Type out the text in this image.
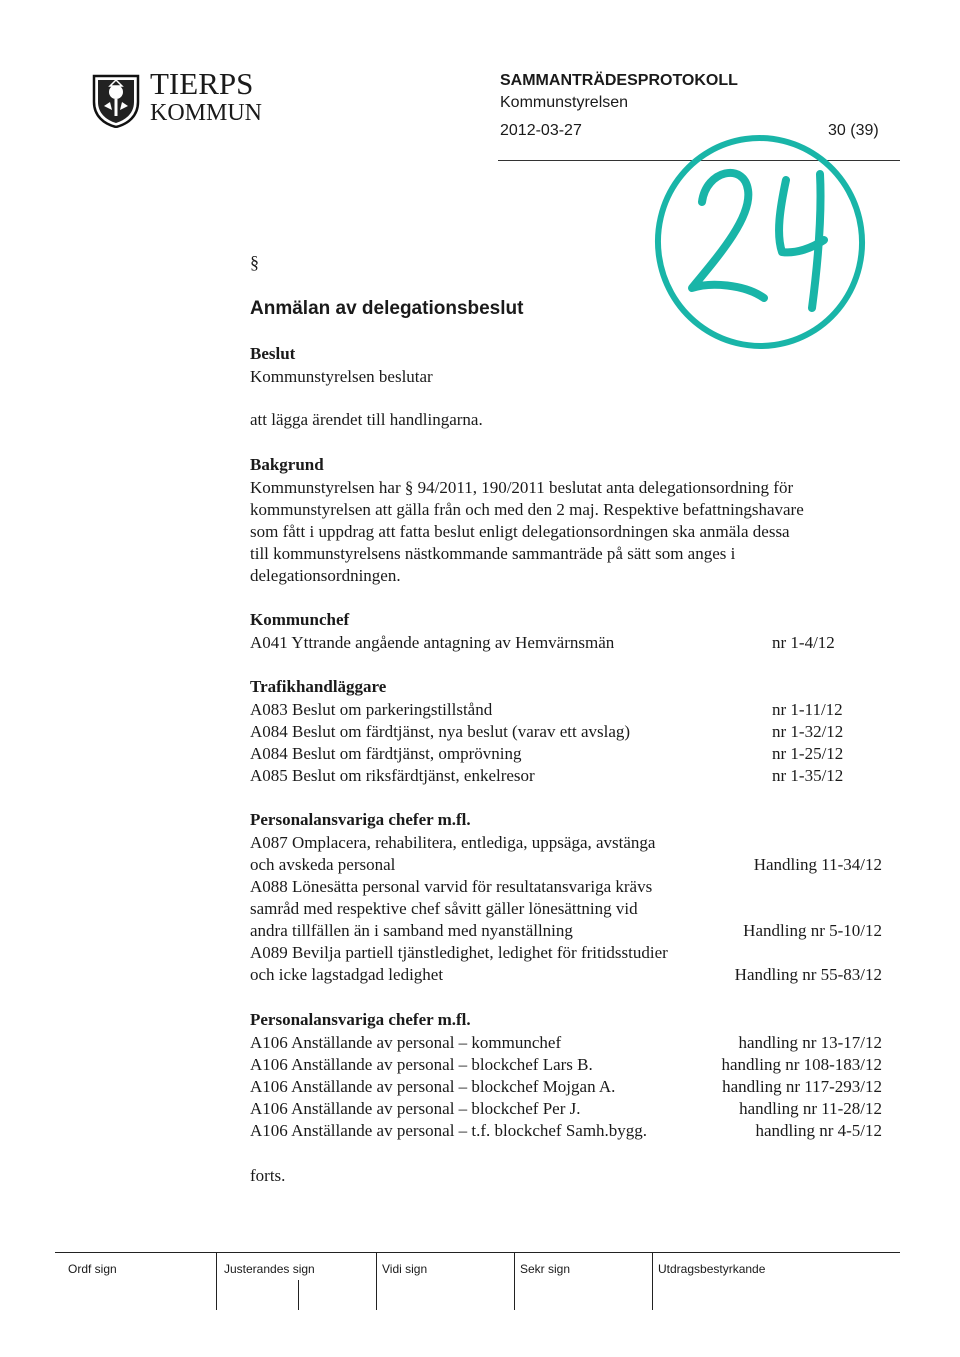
TIERPS
KOMMUN
SAMMANTRÄDESPROTOKOLL
Kommunstyrelsen
2012-03-27	30 (39)
§
Anmälan av delegationsbeslut
Beslut
Kommunstyrelsen beslutar
att lägga ärendet till handlingarna.
Bakgrund
Kommunstyrelsen har § 94/2011, 190/2011 beslutat anta delegationsordning för
kommunstyrelsen att gälla från och med den 2 maj. Respektive befattningshavare
som fått i uppdrag att fatta beslut enligt delegationsordningen ska anmäla dessa
till kommunstyrelsens nästkommande sammanträde på sätt som anges i
delegationsordningen.
Kommunchef
A041 Yttrande angående antagning av Hemvärnsmän	nr 1-4/12
Trafikhandläggare
A083 Beslut om parkeringstillstånd	nr 1-11/12
A084 Beslut om färdtjänst, nya beslut (varav ett avslag)	nr 1-32/12
A084 Beslut om färdtjänst, omprövning	nr 1-25/12
A085 Beslut om riksfärdtjänst, enkelresor	nr 1-35/12
Personalansvariga chefer m.fl.
A087 Omplacera, rehabilitera, entlediga, uppsäga, avstänga
och avskeda personal	Handling 11-34/12
A088 Lönesätta personal varvid för resultatansvariga krävs
samråd med respektive chef såvitt gäller lönesättning vid
andra tillfällen än i samband med nyanställning	Handling nr 5-10/12
A089 Bevilja partiell tjänstledighet, ledighet för fritidsstudier
och icke lagstadgad ledighet	Handling nr 55-83/12
Personalansvariga chefer m.fl.
A106 Anställande av personal – kommunchef	handling nr 13-17/12
A106 Anställande av personal – blockchef Lars B.	handling nr 108-183/12
A106 Anställande av personal – blockchef Mojgan A.	handling nr 117-293/12
A106 Anställande av personal – blockchef Per J.	handling nr 11-28/12
A106 Anställande av personal – t.f. blockchef Samh.bygg.	handling nr 4-5/12
forts.
Ordf sign	Justerandes sign	Vidi sign	Sekr sign	Utdragsbestyrkande
